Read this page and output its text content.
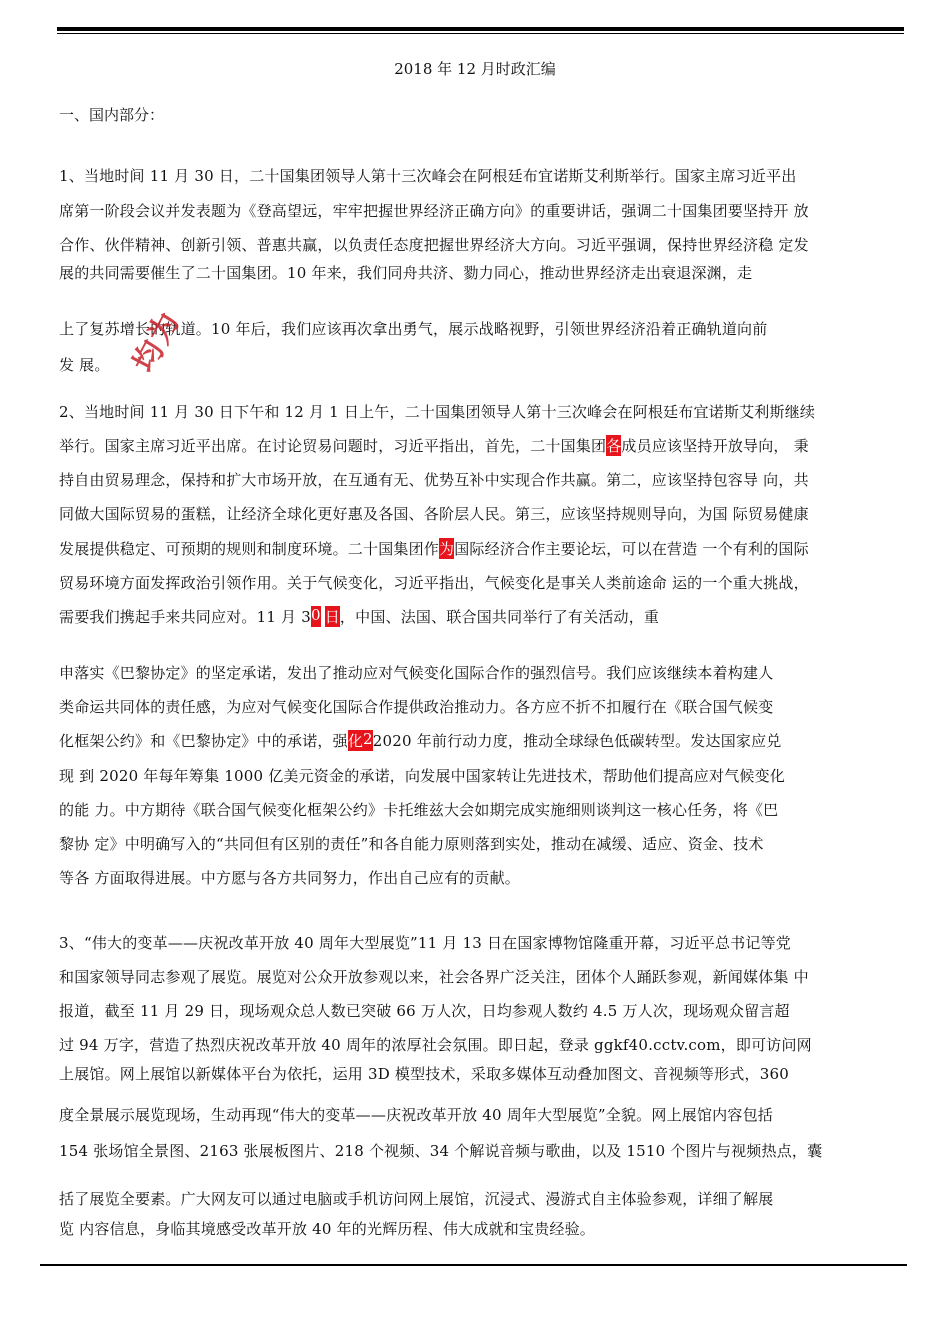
2018 年 12 月时政汇编
一、国内部分：
1、当地时间 11 月 30 日，二十国集团领导人第十三次峰会在阿根廷布宜诺斯艾利斯举行。国家主席习近平出
席第一阶段会议并发表题为《登高望远，牢牢把握世界经济正确方向》的重要讲话，强调二十国集团要坚持开 放
合作、伙伴精神、创新引领、普惠共赢，以负责任态度把握世界经济大方向。习近平强调，保持世界经济稳 定发
展的共同需要催生了二十国集团。10 年来，我们同舟共济、勠力同心，推动世界经济走出衰退深渊，走
上了复苏增长的轨道。10 年后，我们应该再次拿出勇气，展示战略视野，引领世界经济沿着正确轨道向前
发 展。 均为
2、当地时间 11 月 30 日下午和 12 月 1 日上午，二十国集团领导人第十三次峰会在阿根廷布宜诺斯艾利斯继续
举行。国家主席习近平出席。在讨论贸易问题时，习近平指出，首先，二十国集团 各 成员应该坚持开放导向， 秉
持自由贸易理念，保持和扩大市场开放，在互通有无、优势互补中实现合作共赢。第二，应该坚持包容导 向，共
同做大国际贸易的蛋糕，让经济全球化更好惠及各国、各阶层人民。第三，应该坚持规则导向，为国 际贸易健康
发展提供稳定、可预期的规则和制度环境。二十国集团作 为 国际经济合作主要论坛，可以在营造 一个有利的国际
贸易环境方面发挥政治引领作用。关于气候变化，习近平指出，气候变化是事关人类前途命 运的一个重大挑战，
需要我们携起手来共同应对。11 月 3 0 日 ，中国、法国、联合国共同举行了有关活动，重
申落实《巴黎协定》的坚定承诺，发出了推动应对气候变化国际合作的强烈信号。我们应该继续本着构建人
类命运共同体的责任感，为应对气候变化国际合作提供政治推动力。各方应不折不扣履行在《联合国气候变
化框架公约》和《巴黎协定》中的承诺，强 化 2 2020 年前行动力度，推动全球绿色低碳转型。发达国家应兑
现 到 2020 年每年筹集 1000 亿美元资金的承诺，向发展中国家转让先进技术，帮助他们提高应对气候变化
的能 力。中方期待《联合国气候变化框架公约》卡托维兹大会如期完成实施细则谈判这一核心任务，将《巴
黎协 定》中明确写入的“共同但有区别的责任”和各自能力原则落到实处，推动在减缓、适应、资金、技术
等各 方面取得进展。中方愿与各方共同努力，作出自己应有的贡献。
3、“伟大的变革——庆祝改革开放 40 周年大型展览”11 月 13 日在国家博物馆隆重开幕，习近平总书记等党
和国家领导同志参观了展览。展览对公众开放参观以来，社会各界广泛关注，团体个人踊跃参观，新闻媒体集 中
报道，截至 11 月 29 日，现场观众总人数已突破 66 万人次，日均参观人数约 4.5 万人次，现场观众留言超
过 94 万字，营造了热烈庆祝改革开放 40 周年的浓厚社会氛围。即日起，登录 ggkf40.cctv.com，即可访问网
上展馆。网上展馆以新媒体平台为依托，运用 3D 模型技术，采取多媒体互动叠加图文、音视频等形式，360
度全景展示展览现场，生动再现“伟大的变革——庆祝改革开放 40 周年大型展览”全貌。网上展馆内容包括
154 张场馆全景图、2163 张展板图片、218 个视频、34 个解说音频与歌曲，以及 1510 个图片与视频热点，囊
括了展览全要素。广大网友可以通过电脑或手机访问网上展馆，沉浸式、漫游式自主体验参观，详细了解展
览 内容信息，身临其境感受改革开放 40 年的光辉历程、伟大成就和宝贵经验。
